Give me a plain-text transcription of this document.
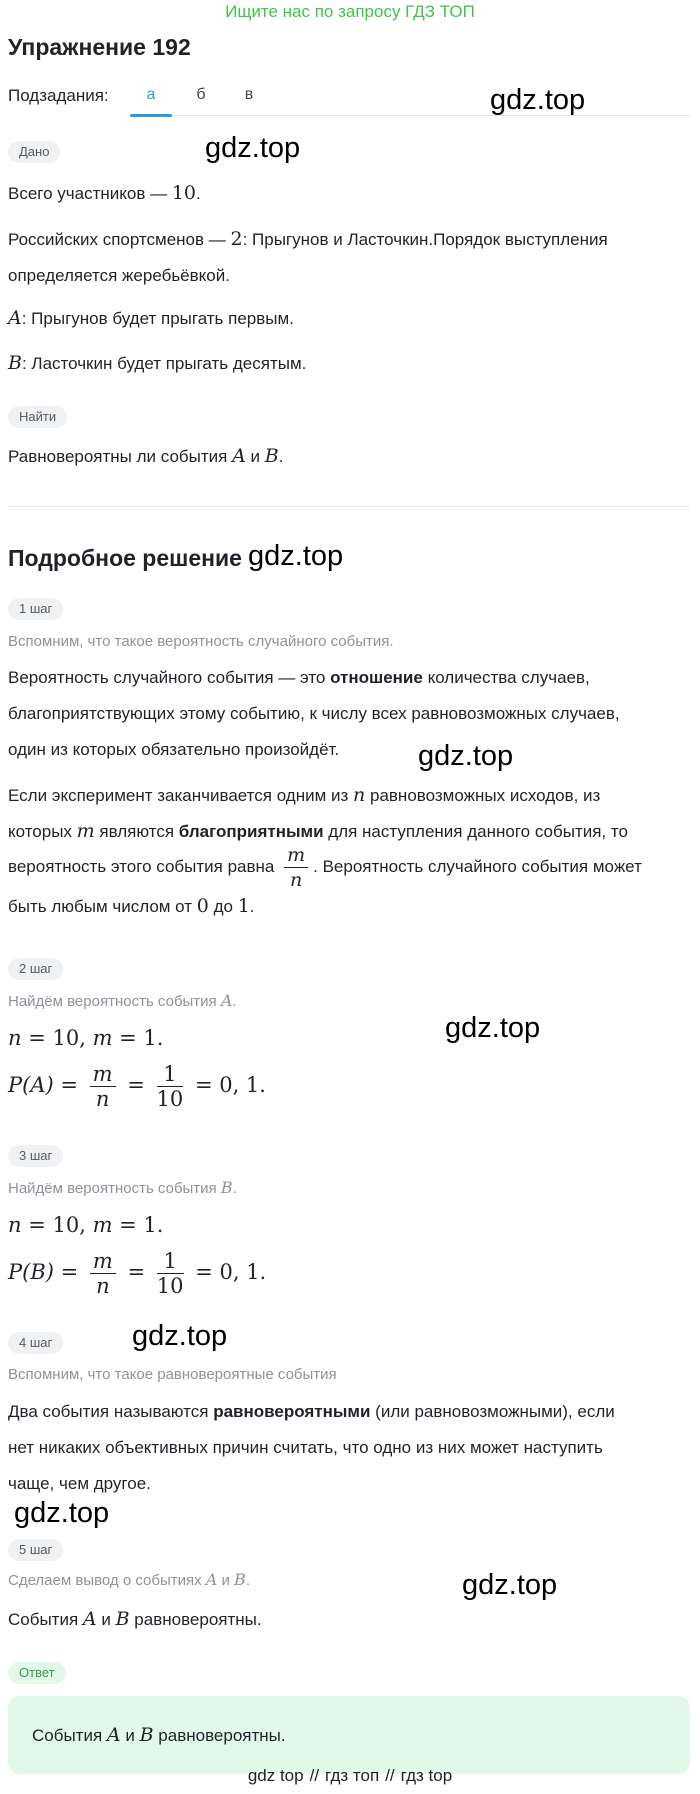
Ищите нас по запросу ГДЗ ТОП
Упражнение 192
Подзадания:	а	б	в
Дано
Всего участников — 10.
Российских спортсменов — 2: Прыгунов и Ласточкин.Порядок выступления
определяется жеребьёвкой.
A: Прыгунов будет прыгать первым.
B: Ласточкин будет прыгать десятым.
Найти
Равновероятны ли события A и B.
Подробное решение
1 шаг
Вспомним, что такое вероятность случайного события.
Вероятность случайного события — это отношение количества случаев,
благоприятствующих этому событию, к числу всех равновозможных случаев,
один из которых обязательно произойдёт.
Если эксперимент заканчивается одним из n равновозможных исходов, из
которых m являются благоприятными для наступления данного события, то
вероятность этого события равна $\frac{m}{n}$ . Вероятность случайного события может
быть любым числом от 0 до 1.
2 шаг
Найдём вероятность события A.
n = 10, m = 1.
$P(A) = \frac{m}{n} = \frac{1}{10} = 0$, 1.
3 шаг
Найдём вероятность события B.
n = 10, m = 1.
$P(B) = \frac{m}{n} = \frac{1}{10} = 0$, 1.
4 шаг
Вспомним, что такое равновероятные события
Два события называются равновероятными (или равновозможными), если
нет никаких объективных причин считать, что одно из них может наступить
чаще, чем другое.
5 шаг
Сделаем вывод о событиях A и B.
События A и B равновероятны.
Ответ
События A и B равновероятны.
gdz.top
gdz.top
gdz.top
gdz.top
gdz.top
gdz.top
gdz.top
gdz.top
gdz top // гдз топ // гдз top
